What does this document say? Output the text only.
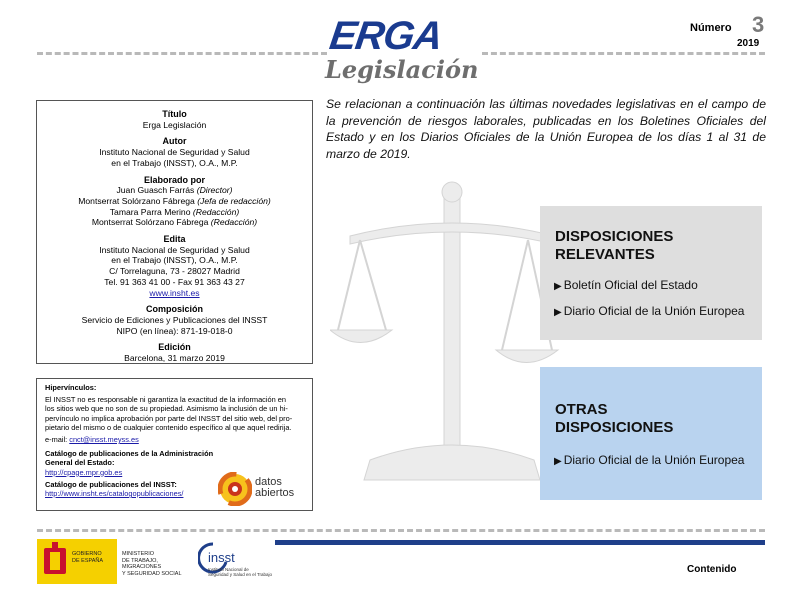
ERGA
Legislación
Número 3
2019
Título
Erga Legislación
Autor
Instituto Nacional de Seguridad y Salud
en el Trabajo (INSST), O.A., M.P.
Elaborado por
Juan Guasch Farrás (Director)
Montserrat Solórzano Fábrega (Jefa de redacción)
Tamara Parra Merino (Redacción)
Montserrat Solórzano Fábrega (Redacción)
Edita
Instituto Nacional de Seguridad y Salud
en el Trabajo (INSST), O.A., M.P.
C/ Torrelaguna, 73 - 28027 Madrid
Tel. 91 363 41 00 - Fax 91 363 43 27
www.insht.es
Composición
Servicio de Ediciones y Publicaciones del INSST
NIPO (en línea): 871-19-018-0
Edición
Barcelona, 31 marzo 2019

Hipervínculos:

El INSST no es responsable ni garantiza la exactitud de la información en
los sitios web que no son de su propiedad. Asimismo la inclusión de un hi-
pervínculo no implica aprobación por parte del INSST del sitio web, del pro-
pietario del mismo o de cualquier contenido específico al que aquel redirija.

e-mail: cnct@insst.meyss.es

Catálogo de publicaciones de la Administración
General del Estado:
http://cpage.mpr.gob.es

Catálogo de publicaciones del INSST:
http://www.insht.es/catalogopublicaciones/

datos
abiertos
Se relacionan a continuación las últimas novedades legislativas en el campo de la prevención de riesgos laborales, publicadas en los Boletines Oficiales del Estado y en los Diarios Oficiales de la Unión Europea de los días 1 al 31 de marzo de 2019.
DISPOSICIONES
RELEVANTES
▶ Boletín Oficial del Estado
▶ Diario Oficial de la Unión Europea
OTRAS
DISPOSICIONES
▶ Diario Oficial de la Unión Europea
GOBIERNO
DE ESPAÑA
MINISTERIO
DE TRABAJO, MIGRACIONES
Y SEGURIDAD SOCIAL
insst
Instituto Nacional de
Seguridad y Salud en el Trabajo	Contenido
